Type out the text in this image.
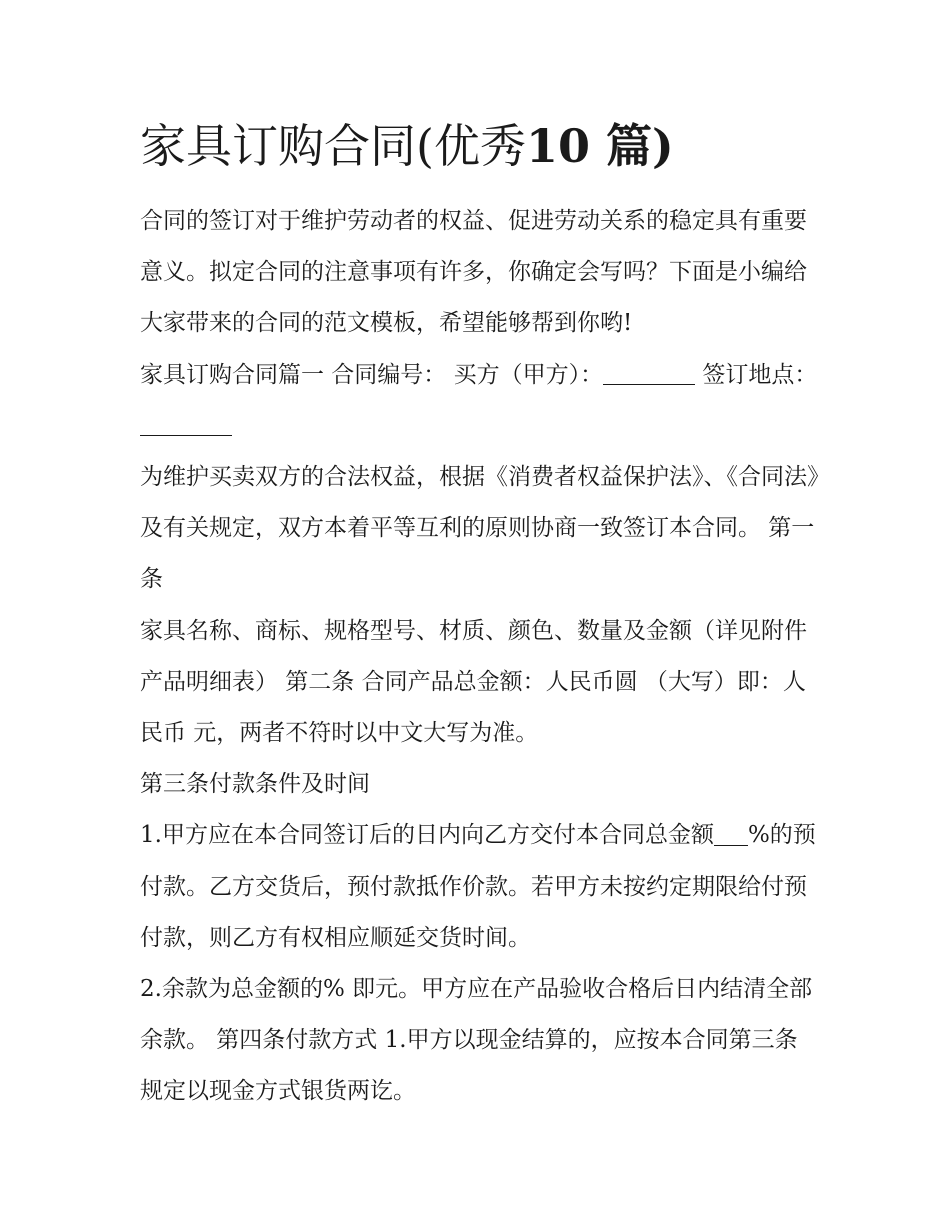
家具订购合同(优秀10 篇)

合同的签订对于维护劳动者的权益、促进劳动关系的稳定具有重要意义。拟定合同的注意事项有许多，你确定会写吗？下面是小编给大家带来的合同的范文模板，希望能够帮到你哟!

家具订购合同篇一 合同编号： 买方（甲方）：	签订地点：

为维护买卖双方的合法权益，根据《消费者权益保护法》、《合同法》及有关规定，双方本着平等互利的原则协商一致签订本合同。 第一条

家具名称、商标、规格型号、材质、颜色、数量及金额（详见附件产品明细表） 第二条 合同产品总金额：人民币圆 （大写）即：人民币 元，两者不符时以中文大写为准。

第三条付款条件及时间

1.甲方应在本合同签订后的日内向乙方交付本合同总金额 %的预付款。乙方交货后，预付款抵作价款。若甲方未按约定期限给付预付款，则乙方有权相应顺延交货时间。

2.余款为总金额的% 即元。甲方应在产品验收合格后日内结清全部余款。 第四条付款方式 1.甲方以现金结算的，应按本合同第三条规定以现金方式银货两讫。
